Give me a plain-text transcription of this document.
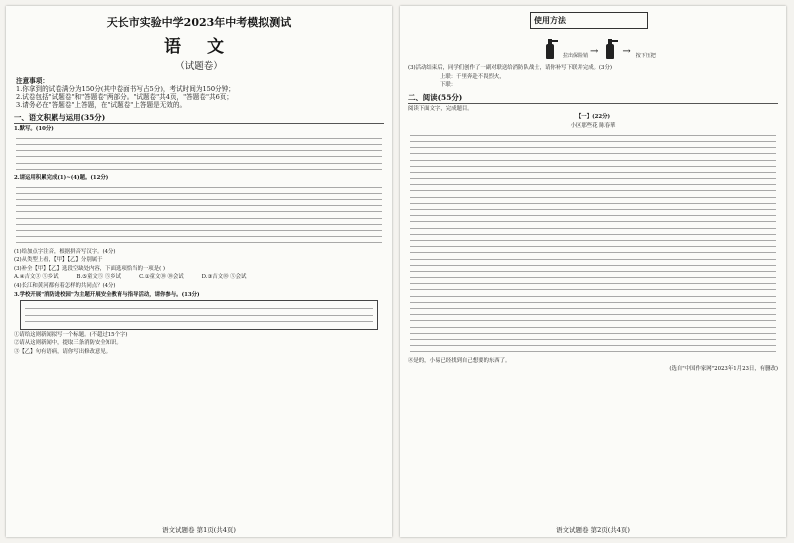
天长市实验中学2023年中考模拟测试
语 文
（试题卷）
注意事项：
1.你拿到的试卷满分为150分(其中卷面书写占5分)，考试时间为150分钟；
2.试卷包括"试题卷"和"答题卷"两部分。"试题卷"共4页，"答题卷"共6页；
3.请务必在"答题卷"上答题，在"试题卷"上答题是无效的。
一、语文积累与运用(35分)
1.默写。(10分)
2.请运用积累完成(1)~(4)题。(12分)
(1)给加点字注音，根据拼音写汉字。(4分)
(2)从类型上看，【甲】【乙】分别属于
(3)补全【甲】【乙】选段空缺处内容，下面选项恰当的一项是( )
A.④吉文③ ⑤乡试	B.⑤童文⑤ ⑤乡试	C.①童文⑩ ⑩会试	D.③吉文⑩ ⑤会试
(4)长江和黄河都有着怎样的共同点？(4分)
3.学校开展"消防进校园"为主题开展安全教育与指导活动，请你参与。(13分)
①请给这则新闻拟写一个标题。(不超过15个字)
②请从这则新闻中，提取三条消防安全知识。
③【乙】句有语病，请你写出修改意见。
语文试题卷 第1页(共4页)
使用方法
拉出保险销 → → 按下压把
(3)活动结束后，同学们创作了一副对联送给消防队战士，请你补写下联并完成。(3分)
上联：千里奔赴不畏烈火，
下联：
二、阅读(55分)
阅读下面文字，完成题目。
【一】(22分)
小区那些花 陈春華
⑧是的，小易已经找到自己想要的东西了。
(选自"中国作家网"2023年1月23日，有删改)
语文试题卷 第2页(共4页)
